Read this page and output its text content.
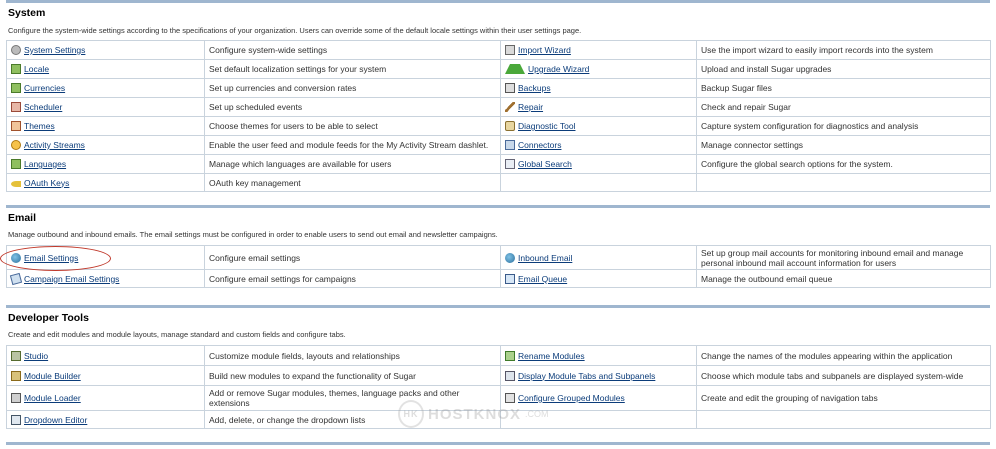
System
Configure the system-wide settings according to the specifications of your organization. Users can override some of the default locale settings within their user settings page.
System Settings	Configure system-wide settings	Import Wizard	Use the import wizard to easily import records into the system

Locale	Set default localization settings for your system	Upgrade Wizard	Upload and install Sugar upgrades

Currencies	Set up currencies and conversion rates	Backups	Backup Sugar files

Scheduler	Set up scheduled events	Repair	Check and repair Sugar

Themes	Choose themes for users to be able to select	Diagnostic Tool	Capture system configuration for diagnostics and analysis

Activity Streams	Enable the user feed and module feeds for the My Activity Stream dashlet.	Connectors	Manage connector settings

Languages	Manage which languages are available for users	Global Search	Configure the global search options for the system.

OAuth Keys	OAuth key management		
Email
Manage outbound and inbound emails. The email settings must be configured in order to enable users to send out email and newsletter campaigns.
Email Settings	Configure email settings	Inbound Email	Set up group mail accounts for monitoring inbound email and manage personal inbound mail account information for users

Campaign Email Settings	Configure email settings for campaigns	Email Queue	Manage the outbound email queue
Developer Tools
Create and edit modules and module layouts, manage standard and custom fields and configure tabs.
Studio	Customize module fields, layouts and relationships	Rename Modules	Change the names of the modules appearing within the application

Module Builder	Build new modules to expand the functionality of Sugar	Display Module Tabs and Subpanels	Choose which module tabs and subpanels are displayed system-wide

Module Loader	Add or remove Sugar modules, themes, language packs and other extensions	Configure Grouped Modules	Create and edit the grouping of navigation tabs

Dropdown Editor	Add, delete, or change the dropdown lists		
HK HOSTKNOX .COM
